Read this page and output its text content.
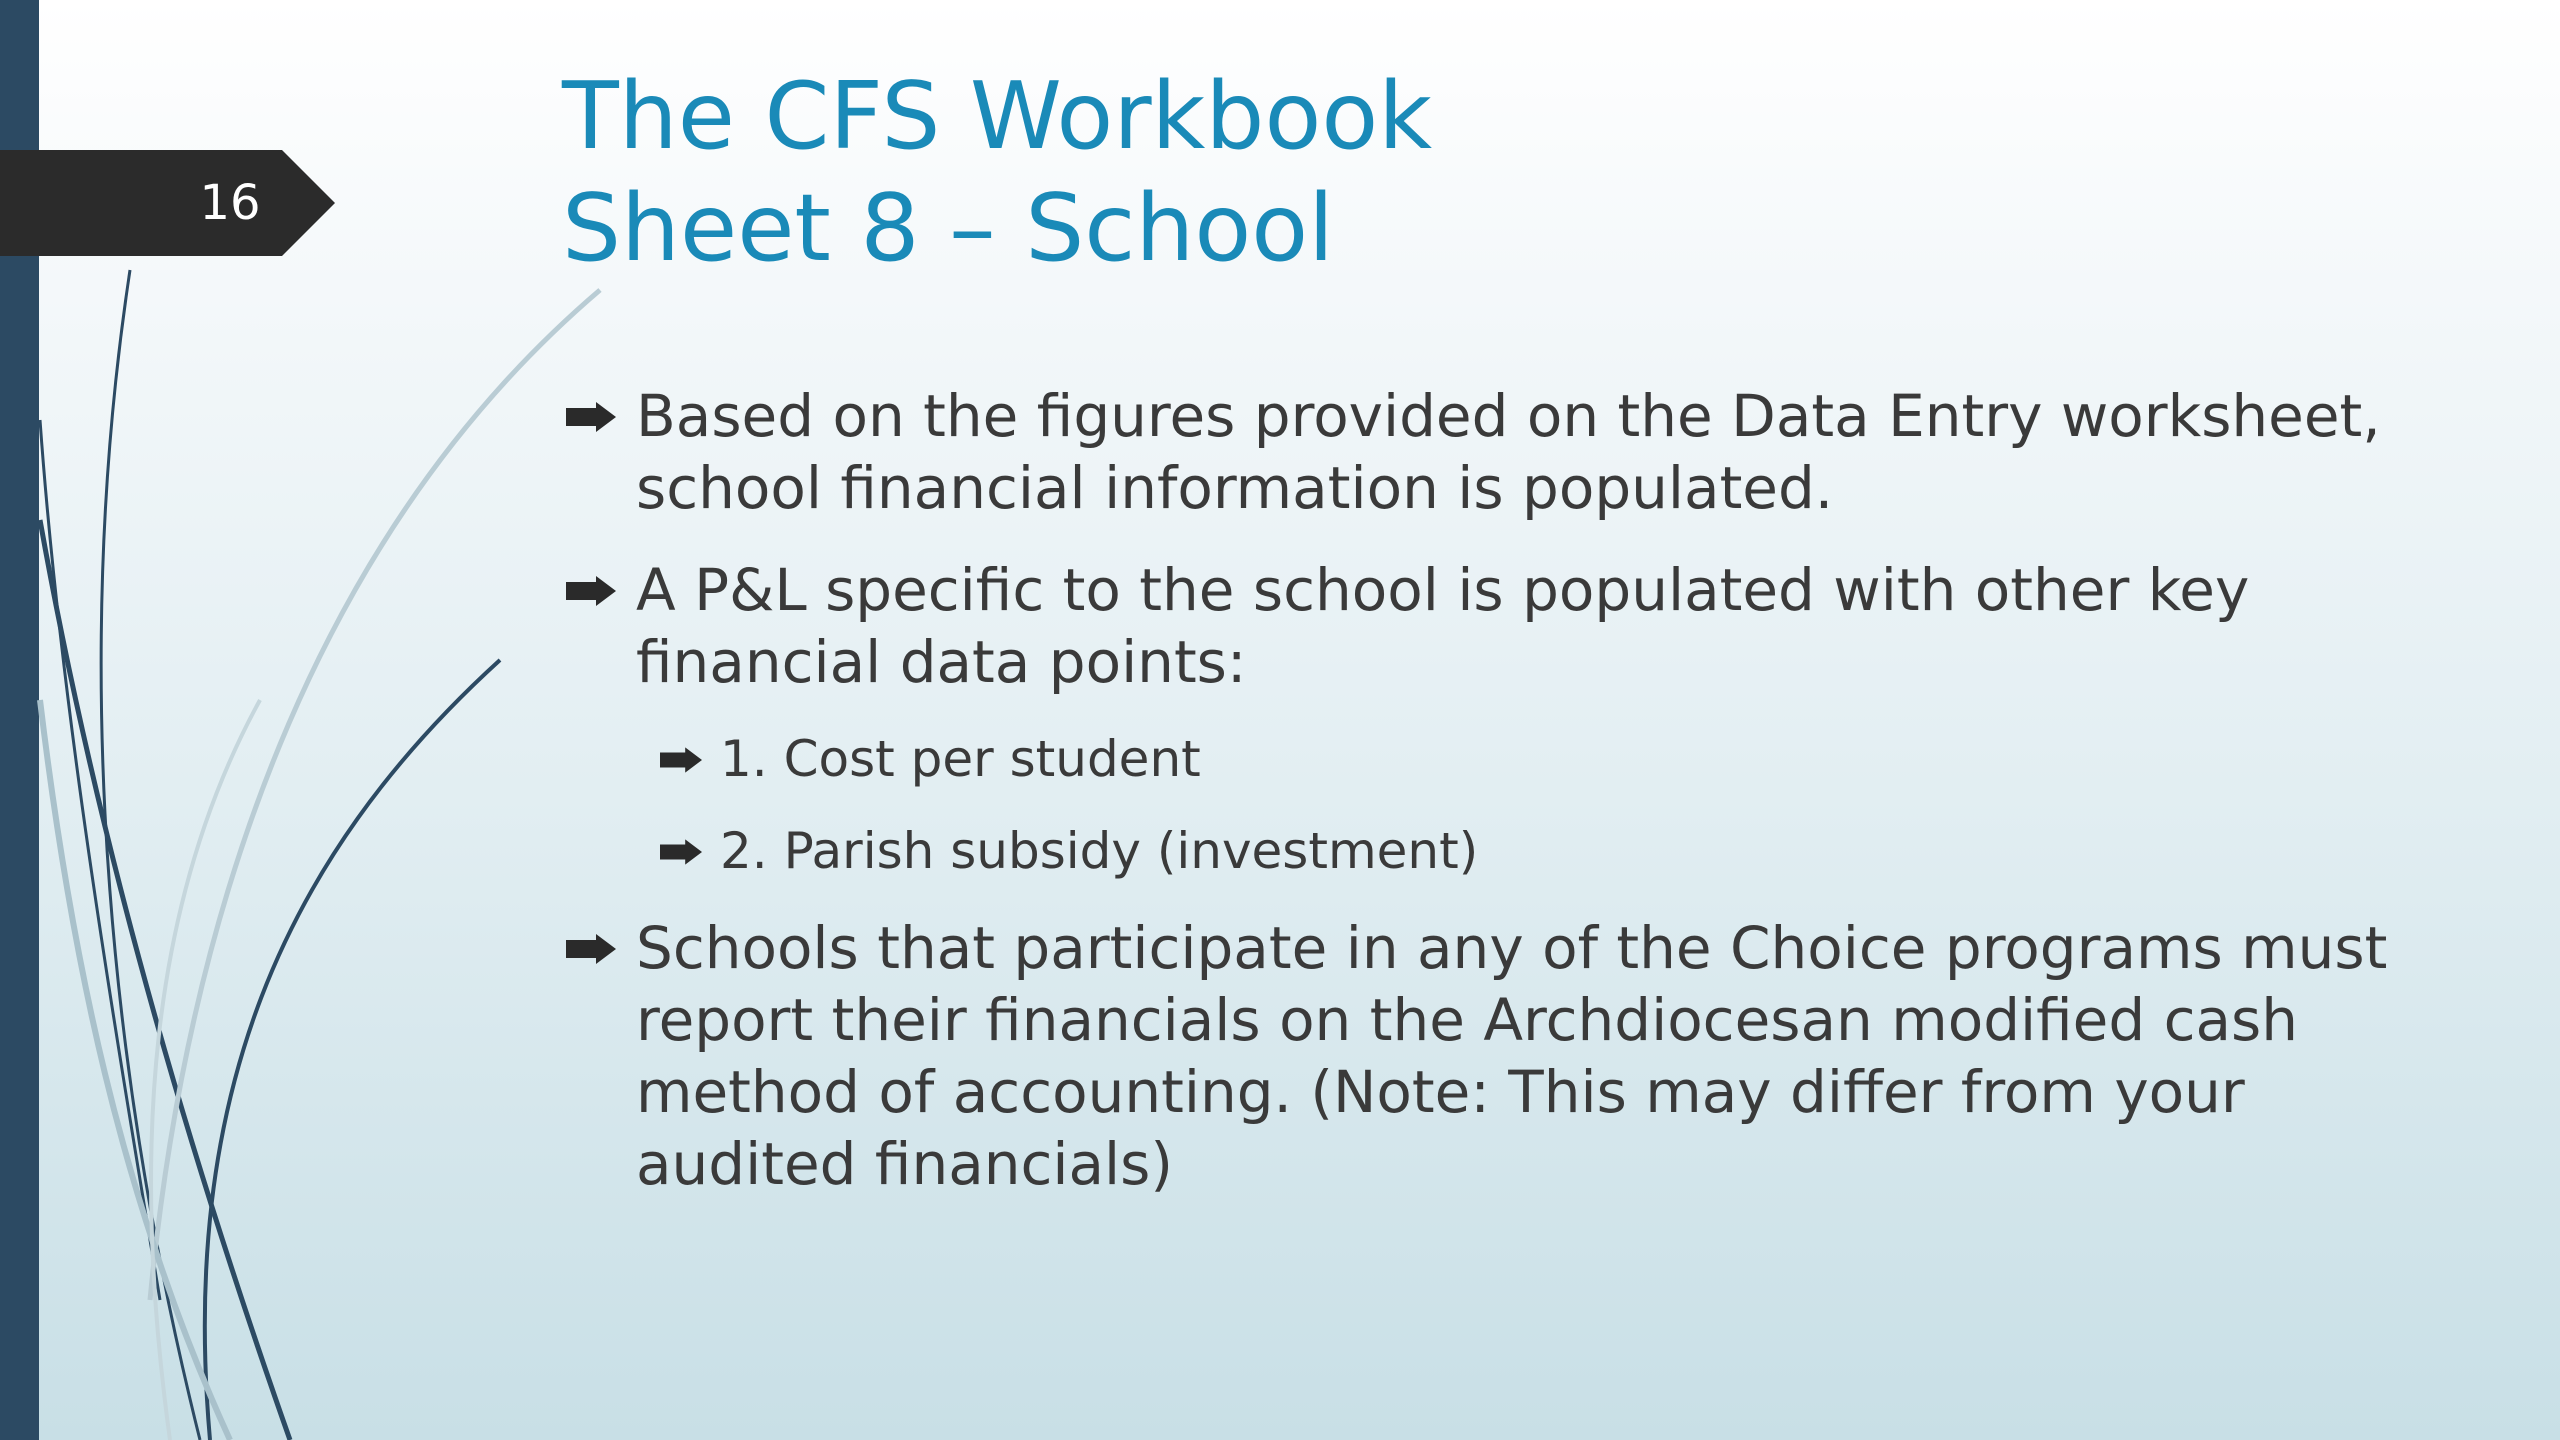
16
The CFS Workbook
Sheet 8 – School
Based on the figures provided on the Data Entry worksheet, school financial information is populated.
A P&L specific to the school is populated with other key financial data points:
1. Cost per student
2. Parish subsidy (investment)
Schools that participate in any of the Choice programs must report their financials on the Archdiocesan modified cash method of accounting. (Note: This may differ from your audited financials)
